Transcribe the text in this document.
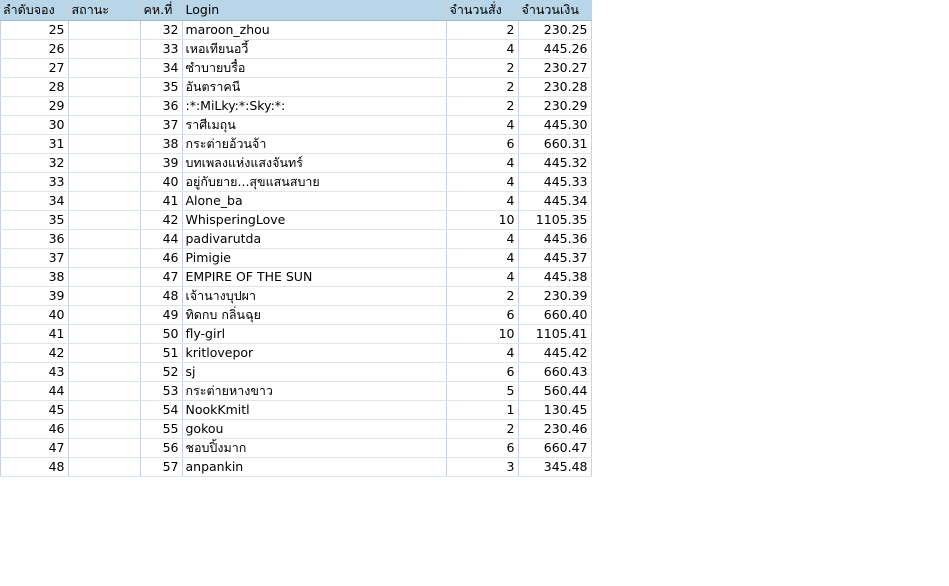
ลำดับจอง	สถานะ	คห.ที่	Login	จำนวนสั่ง	จำนวนเงิน
25		32	maroon_zhou	2	230.25
26		33	เหอเทียนอวี้	4	445.26
27		34	ซำบายบรื๋อ	2	230.27
28		35	อันตราคนี	2	230.28
29		36	:*:MiLky:*:Sky:*:	2	230.29
30		37	ราศีเมถุน	4	445.30
31		38	กระต่ายอ้วนจ้า	6	660.31
32		39	บทเพลงแห่งแสงจันทร์	4	445.32
33		40	อยู่กับยาย...สุขแสนสบาย	4	445.33
34		41	Alone_ba	4	445.34
35		42	WhisperingLove	10	1105.35
36		44	padivarutda	4	445.36
37		46	Pimigie	4	445.37
38		47	EMPIRE OF THE SUN	4	445.38
39		48	เจ้านางบุปผา	2	230.39
40		49	ทิดกบ กลิ่นฉุย	6	660.40
41		50	fly-girl	10	1105.41
42		51	kritlovepor	4	445.42
43		52	sj	6	660.43
44		53	กระต่ายหางขาว	5	560.44
45		54	NookKmitl	1	130.45
46		55	gokou	2	230.46
47		56	ชอบปิ้งมาก	6	660.47
48		57	anpankin	3	345.48
